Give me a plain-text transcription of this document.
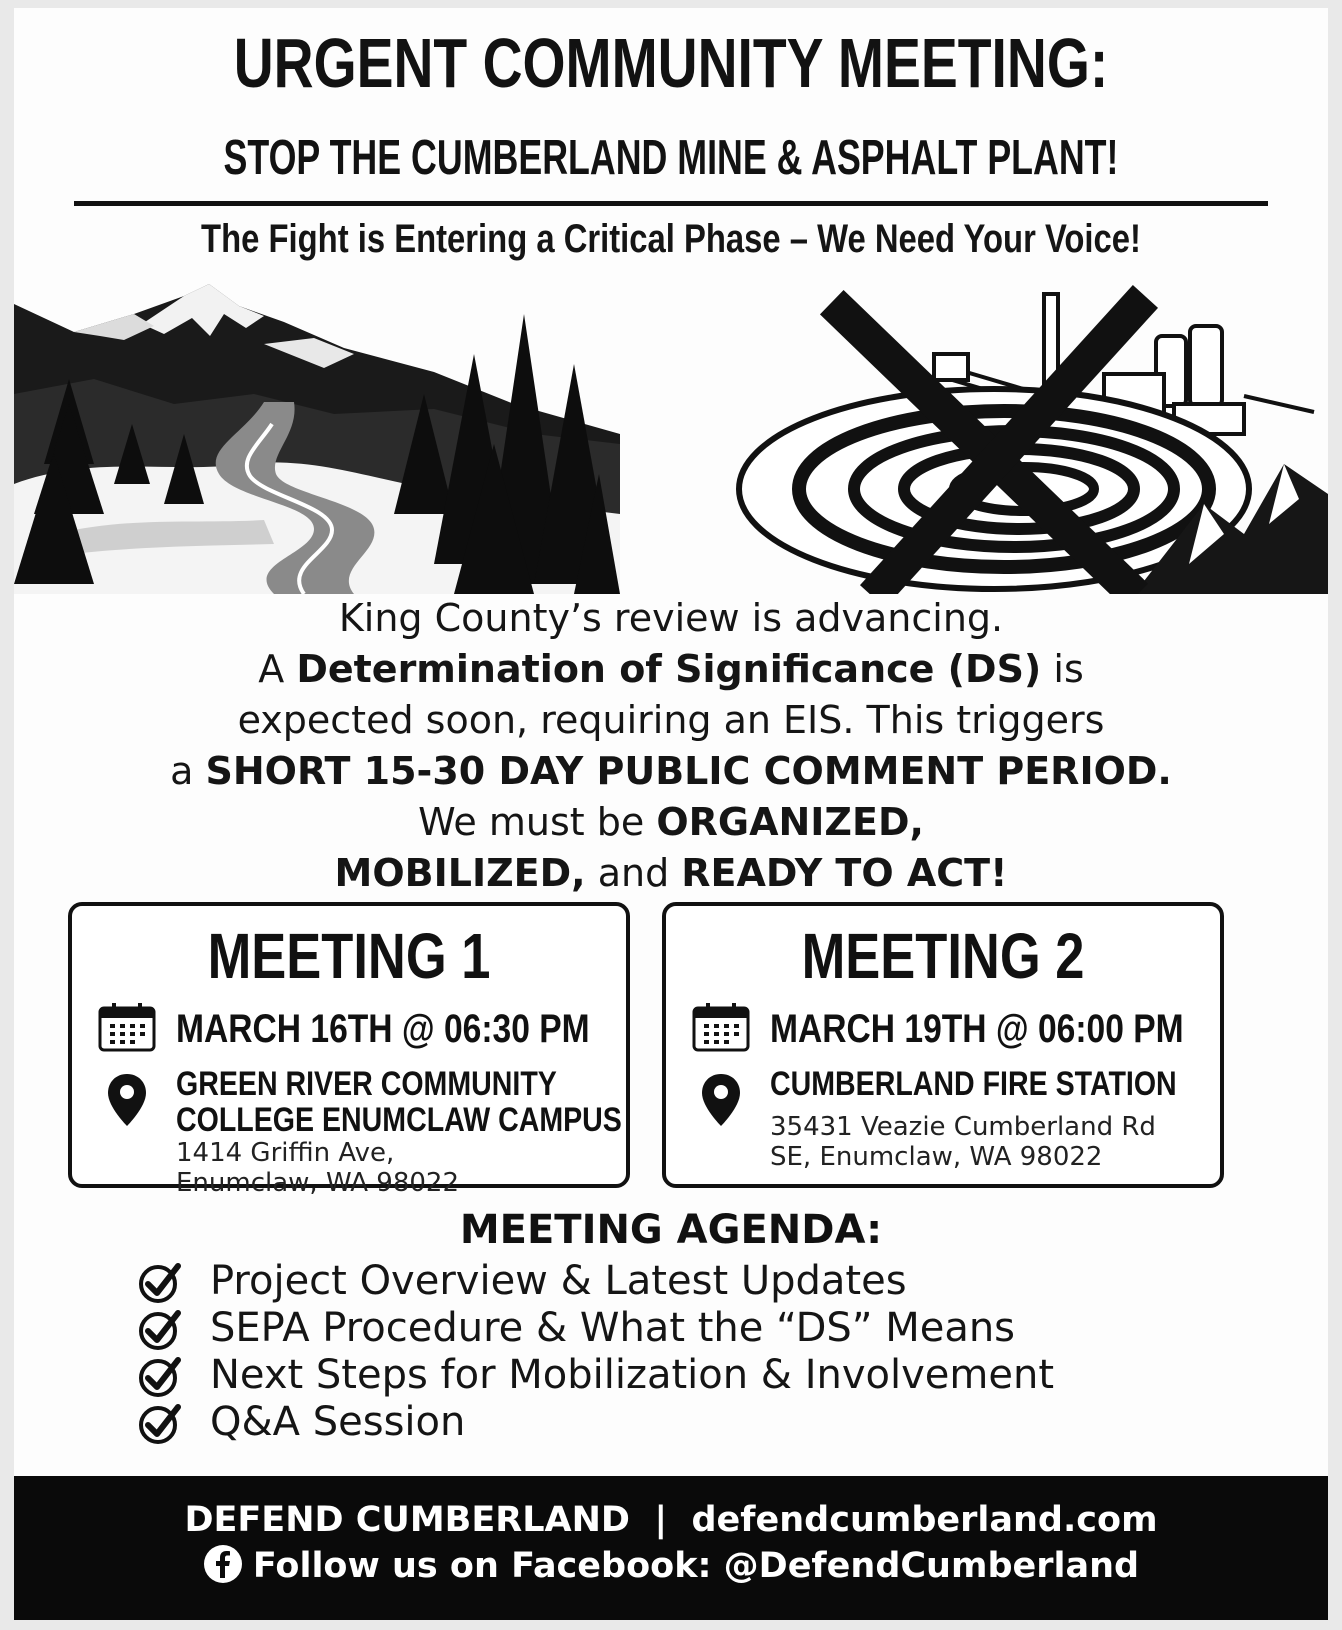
URGENT COMMUNITY MEETING:
STOP THE CUMBERLAND MINE & ASPHALT PLANT!
The Fight is Entering a Critical Phase – We Need Your Voice!
King County’s review is advancing.
A Determination of Significance (DS) is
expected soon, requiring an EIS. This triggers
a SHORT 15-30 DAY PUBLIC COMMENT PERIOD.
We must be ORGANIZED,
MOBILIZED, and READY TO ACT!
MEETING 1
MARCH 16TH @ 06:30 PM
GREEN RIVER COMMUNITY
COLLEGE ENUMCLAW CAMPUS
1414 Griffin Ave,
Enumclaw, WA 98022
MEETING 2
MARCH 19TH @ 06:00 PM
CUMBERLAND FIRE STATION
35431 Veazie Cumberland Rd
SE, Enumclaw, WA 98022
MEETING AGENDA:
Project Overview & Latest Updates
SEPA Procedure & What the “DS” Means
Next Steps for Mobilization & Involvement
Q&A Session
DEFEND CUMBERLAND  |  defendcumberland.com
Follow us on Facebook: @DefendCumberland
